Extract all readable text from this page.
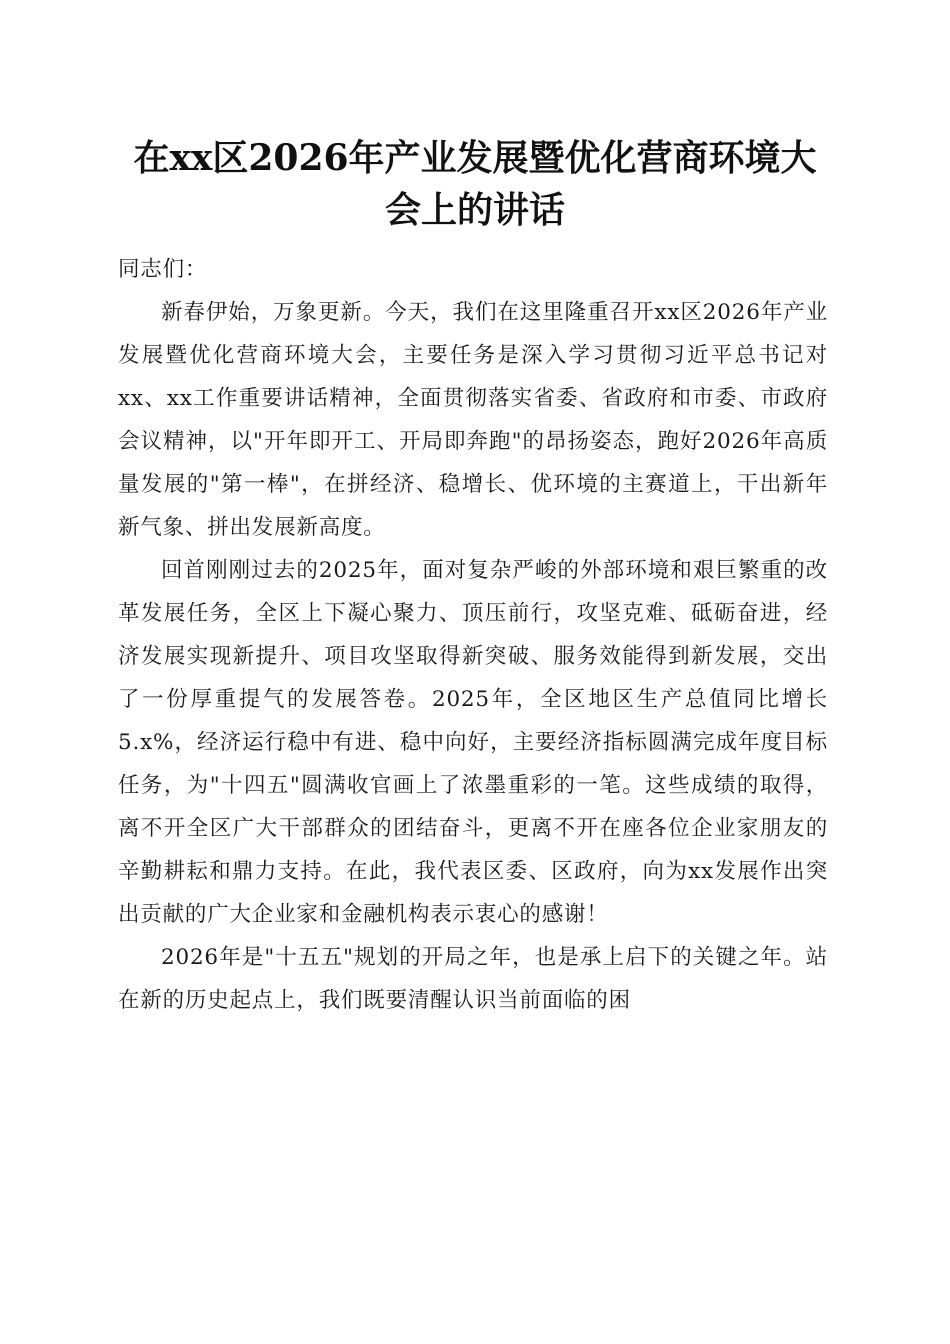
在xx区2026年产业发展暨优化营商环境大会上的讲话

同志们：

新春伊始，万象更新。今天，我们在这里隆重召开xx区2026年产业发展暨优化营商环境大会，主要任务是深入学习贯彻习近平总书记对xx、xx工作重要讲话精神，全面贯彻落实省委、省政府和市委、市政府会议精神，以"开年即开工、开局即奔跑"的昂扬姿态，跑好2026年高质量发展的"第一棒"，在拼经济、稳增长、优环境的主赛道上，干出新年新气象、拼出发展新高度。

回首刚刚过去的2025年，面对复杂严峻的外部环境和艰巨繁重的改革发展任务，全区上下凝心聚力、顶压前行，攻坚克难、砥砺奋进，经济发展实现新提升、项目攻坚取得新突破、服务效能得到新发展，交出了一份厚重提气的发展答卷。2025年，全区地区生产总值同比增长5.x%，经济运行稳中有进、稳中向好，主要经济指标圆满完成年度目标任务，为"十四五"圆满收官画上了浓墨重彩的一笔。这些成绩的取得，离不开全区广大干部群众的团结奋斗，更离不开在座各位企业家朋友的辛勤耕耘和鼎力支持。在此，我代表区委、区政府，向为xx发展作出突出贡献的广大企业家和金融机构表示衷心的感谢！

2026年是"十五五"规划的开局之年，也是承上启下的关键之年。站在新的历史起点上，我们既要清醒认识当前面临的困
